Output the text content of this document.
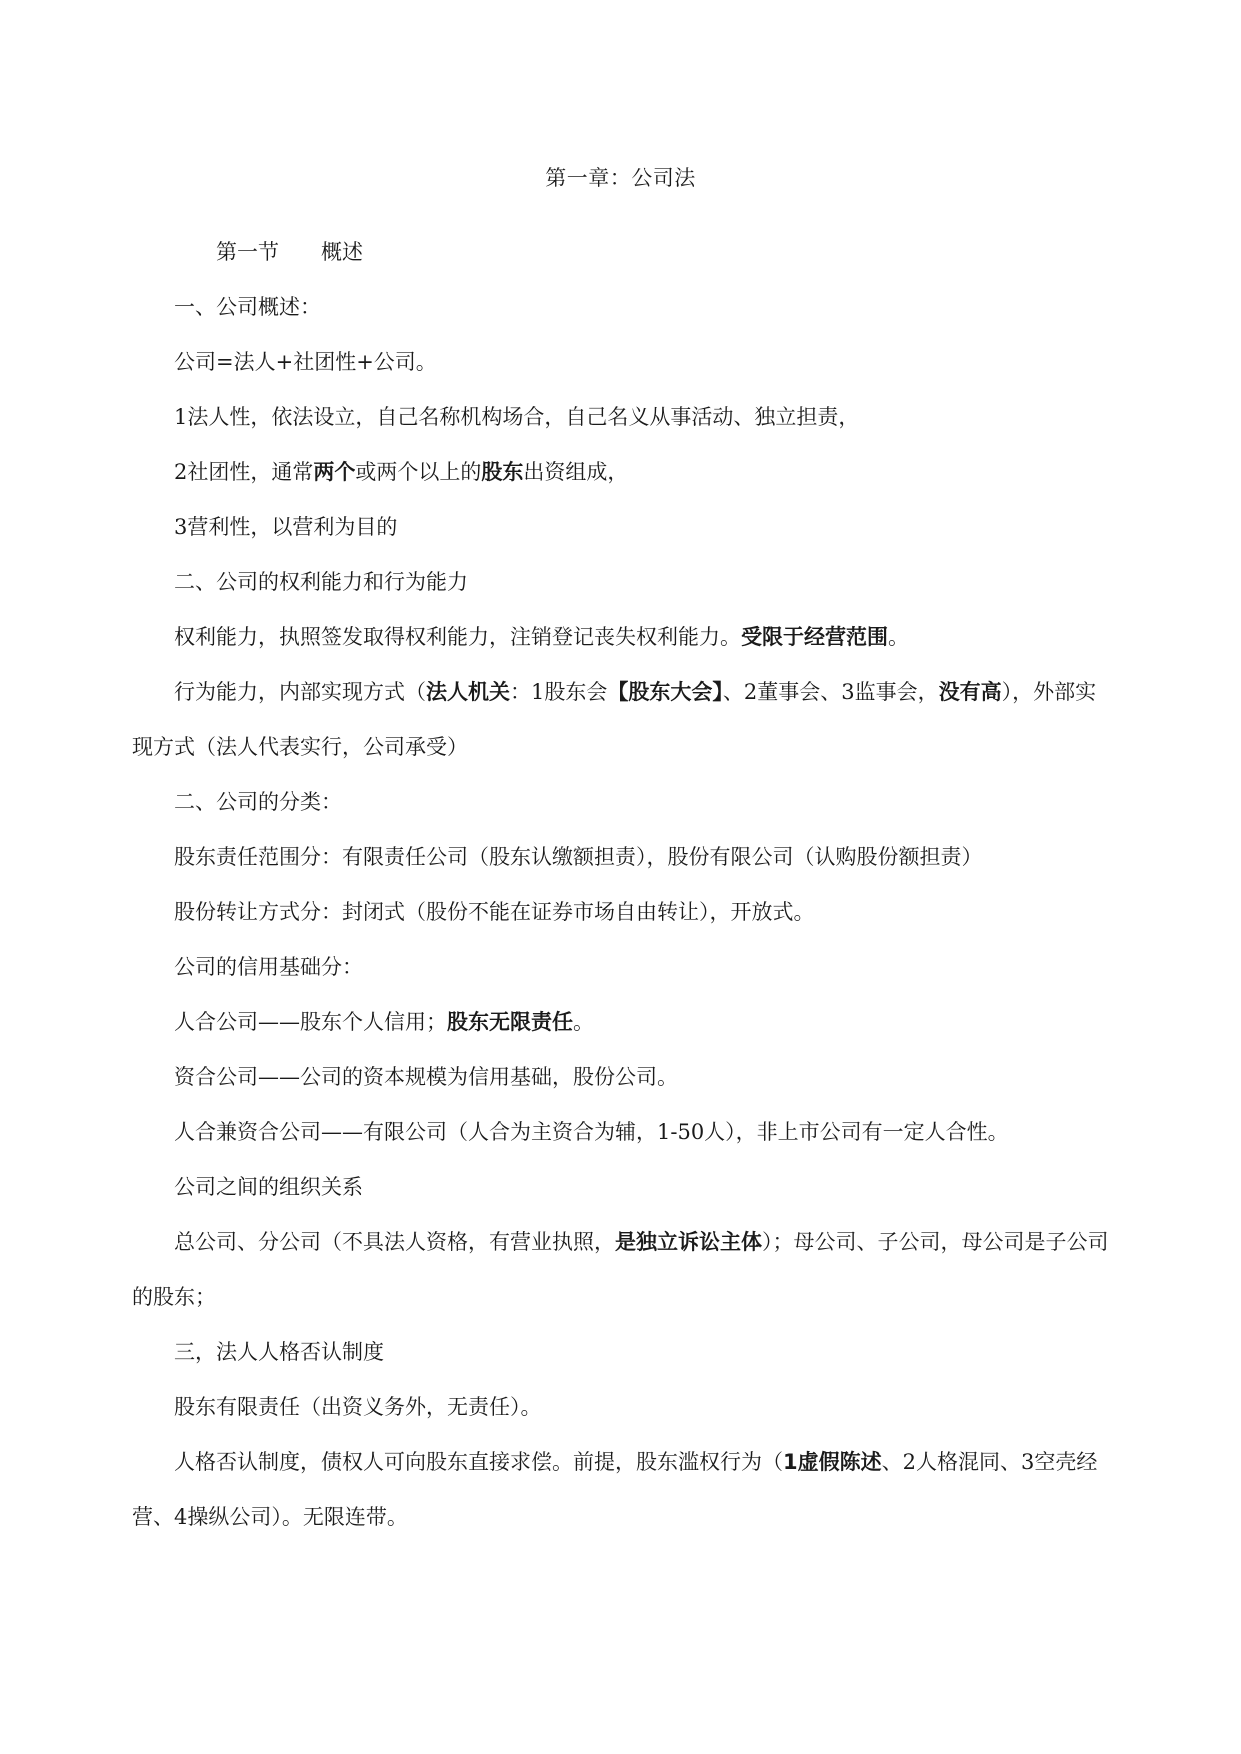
第一章：公司法

第一节 概述

一、公司概述：

公司=法人+社团性+公司。

1法人性，依法设立，自己名称机构场合，自己名义从事活动、独立担责，

2社团性，通常两个或两个以上的股东出资组成，

3营利性，以营利为目的

二、公司的权利能力和行为能力

权利能力，执照签发取得权利能力，注销登记丧失权利能力。受限于经营范围。

行为能力，内部实现方式（法人机关：1股东会【股东大会】、2董事会、3监事会，没有高），外部实现方式（法人代表实行，公司承受）

二、公司的分类：

股东责任范围分：有限责任公司（股东认缴额担责），股份有限公司（认购股份额担责）

股份转让方式分：封闭式（股份不能在证券市场自由转让），开放式。

公司的信用基础分：

人合公司——股东个人信用；股东无限责任。

资合公司——公司的资本规模为信用基础，股份公司。

人合兼资合公司——有限公司（人合为主资合为辅，1-50人），非上市公司有一定人合性。

公司之间的组织关系

总公司、分公司（不具法人资格，有营业执照，是独立诉讼主体）；母公司、子公司，母公司是子公司的股东；

三，法人人格否认制度

股东有限责任（出资义务外，无责任）。

人格否认制度，债权人可向股东直接求偿。前提，股东滥权行为（1虚假陈述、2人格混同、3空壳经营、4操纵公司）。无限连带。
